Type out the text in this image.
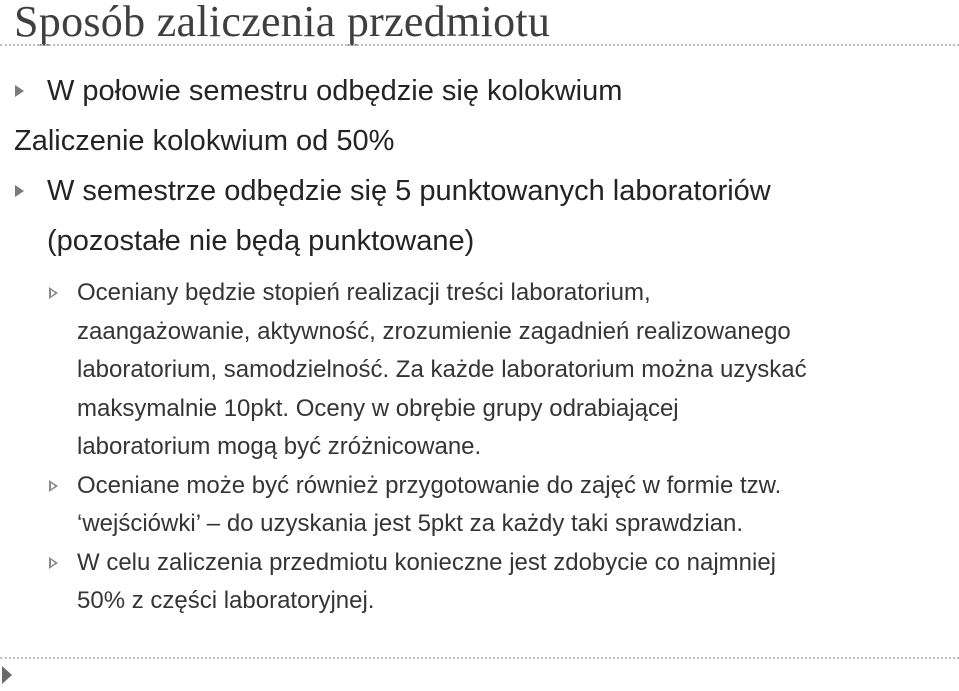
Sposób zaliczenia przedmiotu
W połowie semestru odbędzie się kolokwium
Zaliczenie kolokwium od 50%
W semestrze odbędzie się 5 punktowanych laboratoriów
(pozostałe nie będą punktowane)
Oceniany będzie stopień realizacji treści laboratorium,
zaangażowanie, aktywność, zrozumienie zagadnień realizowanego
laboratorium, samodzielność. Za każde laboratorium można uzyskać
maksymalnie 10pkt. Oceny w obrębie grupy odrabiającej
laboratorium mogą być zróżnicowane.
Oceniane może być również przygotowanie do zajęć w formie tzw.
‘wejściówki’ – do uzyskania jest 5pkt za każdy taki sprawdzian.
W celu zaliczenia przedmiotu konieczne jest zdobycie co najmniej
50% z części laboratoryjnej.
